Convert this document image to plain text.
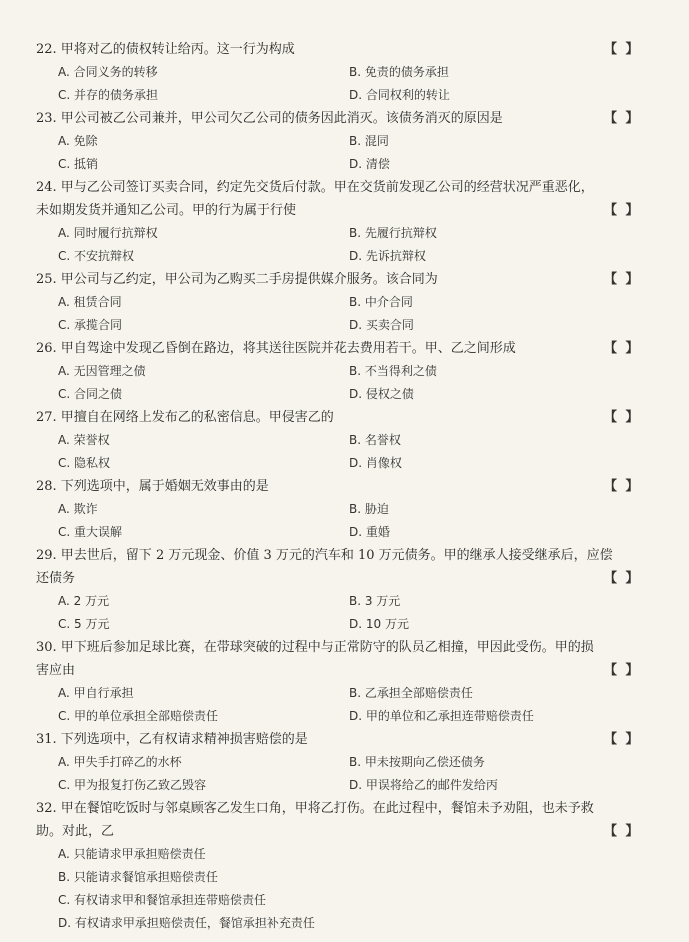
22. 甲将对乙的债权转让给丙。这一行为构成	【 】
A. 合同义务的转移	B. 免责的债务承担
C. 并存的债务承担	D. 合同权利的转让
23. 甲公司被乙公司兼并，甲公司欠乙公司的债务因此消灭。该债务消灭的原因是	【 】
A. 免除	B. 混同
C. 抵销	D. 清偿
24. 甲与乙公司签订买卖合同，约定先交货后付款。甲在交货前发现乙公司的经营状况严重恶化，
未如期发货并通知乙公司。甲的行为属于行使	【 】
A. 同时履行抗辩权	B. 先履行抗辩权
C. 不安抗辩权	D. 先诉抗辩权
25. 甲公司与乙约定，甲公司为乙购买二手房提供媒介服务。该合同为	【 】
A. 租赁合同	B. 中介合同
C. 承揽合同	D. 买卖合同
26. 甲自驾途中发现乙昏倒在路边，将其送往医院并花去费用若干。甲、乙之间形成	【 】
A. 无因管理之债	B. 不当得利之债
C. 合同之债	D. 侵权之债
27. 甲擅自在网络上发布乙的私密信息。甲侵害乙的	【 】
A. 荣誉权	B. 名誉权
C. 隐私权	D. 肖像权
28. 下列选项中，属于婚姻无效事由的是	【 】
A. 欺诈	B. 胁迫
C. 重大误解	D. 重婚
29. 甲去世后，留下 2 万元现金、价值 3 万元的汽车和 10 万元债务。甲的继承人接受继承后，应偿
还债务	【 】
A. 2 万元	B. 3 万元
C. 5 万元	D. 10 万元
30. 甲下班后参加足球比赛，在带球突破的过程中与正常防守的队员乙相撞，甲因此受伤。甲的损
害应由	【 】
A. 甲自行承担	B. 乙承担全部赔偿责任
C. 甲的单位承担全部赔偿责任	D. 甲的单位和乙承担连带赔偿责任
31. 下列选项中，乙有权请求精神损害赔偿的是	【 】
A. 甲失手打碎乙的水杯	B. 甲未按期向乙偿还债务
C. 甲为报复打伤乙致乙毁容	D. 甲误将给乙的邮件发给丙
32. 甲在餐馆吃饭时与邻桌顾客乙发生口角，甲将乙打伤。在此过程中，餐馆未予劝阻，也未予救
助。对此，乙	【 】
A. 只能请求甲承担赔偿责任
B. 只能请求餐馆承担赔偿责任
C. 有权请求甲和餐馆承担连带赔偿责任
D. 有权请求甲承担赔偿责任，餐馆承担补充责任
